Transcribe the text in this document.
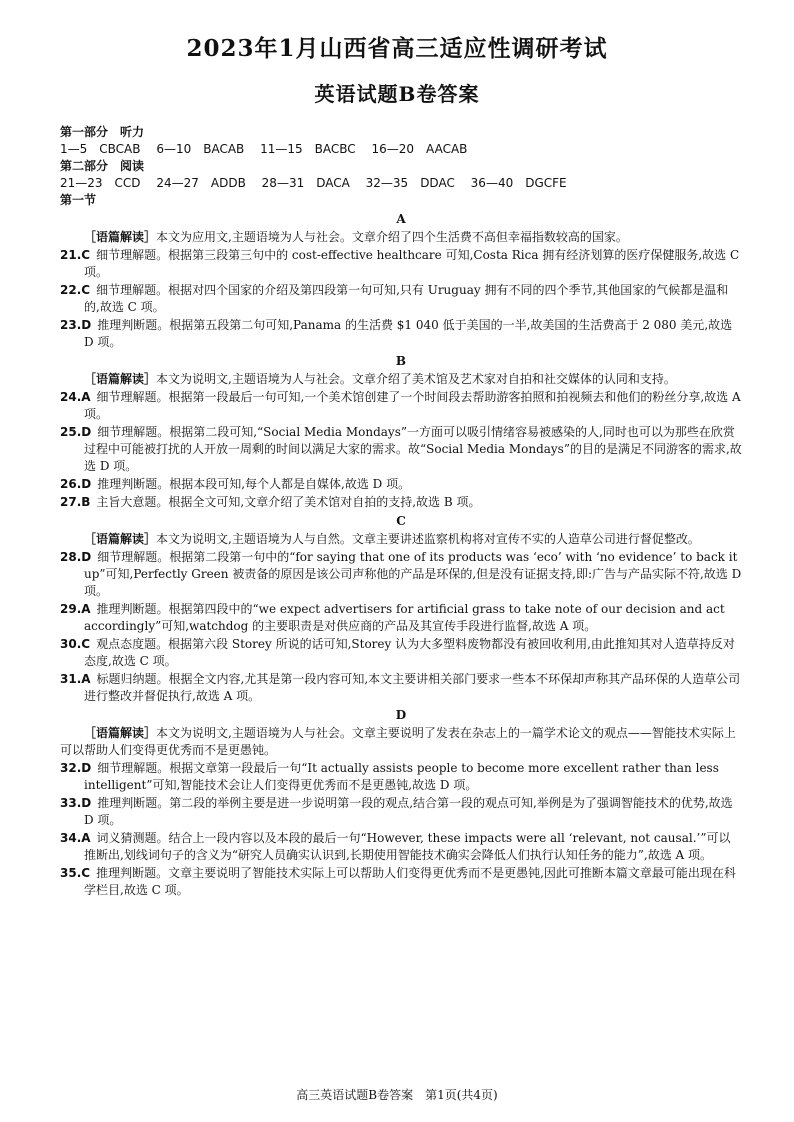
2023年1月山西省高三适应性调研考试
英语试题B卷答案
第一部分　听力
1—5　CBCAB 6—10　BACAB 11—15　BACBC 16—20　AACAB
第二部分　阅读
21—23　CCD 24—27　ADDB 28—31　DACA 32—35　DDAC 36—40　DGCFE
第一节
A

［语篇解读］本文为应用文,主题语境为人与社会。文章介绍了四个生活费不高但幸福指数较高的国家。

21.C 细节理解题。根据第三段第三句中的 cost-effective healthcare 可知,Costa Rica 拥有经济划算的医疗保健服务,故选 C 项。

22.C 细节理解题。根据对四个国家的介绍及第四段第一句可知,只有 Uruguay 拥有不同的四个季节,其他国家的气候都是温和的,故选 C 项。

23.D 推理判断题。根据第五段第二句可知,Panama 的生活费 $1 040 低于美国的一半,故美国的生活费高于 2 080 美元,故选 D 项。

B

［语篇解读］本文为说明文,主题语境为人与社会。文章介绍了美术馆及艺术家对自拍和社交媒体的认同和支持。

24.A 细节理解题。根据第一段最后一句可知,一个美术馆创建了一个时间段去帮助游客拍照和拍视频去和他们的粉丝分享,故选 A 项。

25.D 细节理解题。根据第二段可知,“Social Media Mondays”一方面可以吸引情绪容易被感染的人,同时也可以为那些在欣赏过程中可能被打扰的人开放一周剩的时间以满足大家的需求。故“Social Media Mondays”的目的是满足不同游客的需求,故选 D 项。

26.D 推理判断题。根据本段可知,每个人都是自媒体,故选 D 项。

27.B 主旨大意题。根据全文可知,文章介绍了美术馆对自拍的支持,故选 B 项。

C

［语篇解读］本文为说明文,主题语境为人与自然。文章主要讲述监察机构将对宣传不实的人造草公司进行督促整改。

28.D 细节理解题。根据第二段第一句中的“for saying that one of its products was ‘eco’ with ‘no evidence’ to back it up”可知,Perfectly Green 被责备的原因是该公司声称他的产品是环保的,但是没有证据支持,即:广告与产品实际不符,故选 D 项。

29.A 推理判断题。根据第四段中的“we expect advertisers for artificial grass to take note of our decision and act accordingly”可知,watchdog 的主要职责是对供应商的产品及其宣传手段进行监督,故选 A 项。

30.C 观点态度题。根据第六段 Storey 所说的话可知,Storey 认为大多塑料废物都没有被回收利用,由此推知其对人造草持反对态度,故选 C 项。

31.A 标题归纳题。根据全文内容,尤其是第一段内容可知,本文主要讲相关部门要求一些本不环保却声称其产品环保的人造草公司进行整改并督促执行,故选 A 项。

D

［语篇解读］本文为说明文,主题语境为人与社会。文章主要说明了发表在杂志上的一篇学术论文的观点——智能技术实际上可以帮助人们变得更优秀而不是更愚钝。

32.D 细节理解题。根据文章第一段最后一句“It actually assists people to become more excellent rather than less intelligent”可知,智能技术会让人们变得更优秀而不是更愚钝,故选 D 项。

33.D 推理判断题。第二段的举例主要是进一步说明第一段的观点,结合第一段的观点可知,举例是为了强调智能技术的优势,故选 D 项。

34.A 词义猜测题。结合上一段内容以及本段的最后一句“However, these impacts were all ‘relevant, not causal.’”可以推断出,划线词句子的含义为“研究人员确实认识到,长期使用智能技术确实会降低人们执行认知任务的能力”,故选 A 项。

35.C 推理判断题。文章主要说明了智能技术实际上可以帮助人们变得更优秀而不是更愚钝,因此可推断本篇文章最可能出现在科学栏目,故选 C 项。

高三英语试题B卷答案　第1页(共4页)
